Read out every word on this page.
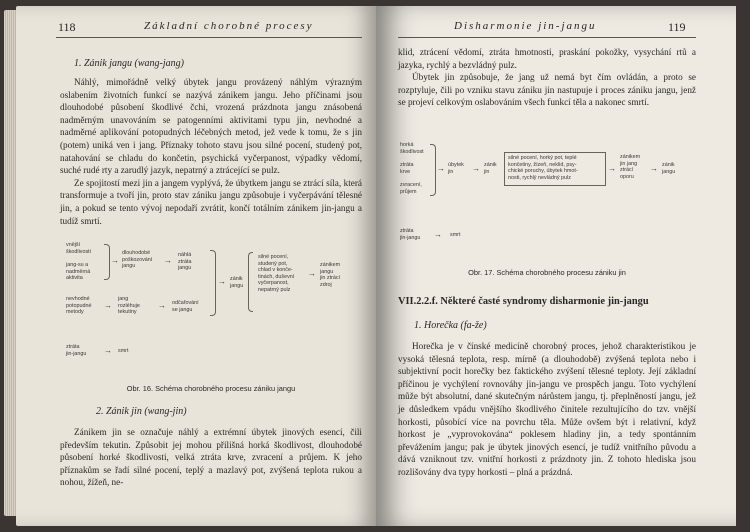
118	Základní chorobné procesy
1. Zánik jangu (wang-jang)

Náhlý, mimořádně velký úbytek jangu provázený náhlým výrazným oslabením životních funkcí se nazývá zánikem jangu. Jeho příčinami jsou dlouhodobé působení škodlivé čchi, vrozená prázdnota jangu znásobená nadměrným unavováním se patogenními aktivitami typu jin, nevhodné a nadměrné aplikování potopudných léčebných metod, jež vede k tomu, že s jin (potem) uniká ven i jang. Příznaky tohoto stavu jsou silné pocení, studený pot, natahování se chladu do končetin, psychická vyčerpanost, výpadky vědomí, suché rudé rty a zarudlý jazyk, nepatrný a ztrácející se pulz.

Ze spojitostí mezi jin a jangem vyplývá, že úbytkem jangu se ztrácí síla, která transformuje a tvoří jin, proto stav zániku jangu způsobuje i vyčerpávání tělesné jin, a pokud se tento vývoj nepodaří zvrátit, končí totálním zánikem jin-jangu a tudíž smrtí.

vnější
škodlivosti
jang-su a
nadměrná
aktivita
→
dlouhodobé
poškozování
jangu
→
náhlá
ztráta
jangu
nevhodné
potopudné
metody
→
jang
rozléhuje
tekutiny
→ odčařování
se jangu
→ zánik
jangu
silné pocení,
studený pot,
chlad v konče-
tinách, duševní
vyčerpanost,
nepatrný pulz
→
zánikem
jangu
jin ztrácí
zdroj
ztráta
jin-jangu → smrt
Obr. 16. Schéma chorobného procesu zániku jangu
2. Zánik jin (wang-jin)

Zánikem jin se označuje náhlý a extrémní úbytek jinových esencí, čili především tekutin. Způsobit jej mohou přílišná horká škodlivost, dlouhodobé působení horké škodlivosti, velká ztráta krve, zvracení a průjem. K jeho příznakům se řadí silné pocení, teplý a mazlavý pot, zvýšená teplota rukou a nohou, žížeň, ne-

Disharmonie jin-jangu	119

klid, ztrácení vědomí, ztráta hmotnosti, praskání pokožky, vysychání rtů a jazyka, rychlý a bezvládný pulz.

Úbytek jin způsobuje, že jang už nemá byt čím ovládán, a proto se rozptyluje, čili po vzniku stavu zániku jin nastupuje i proces zániku jangu, jenž se projeví celkovým oslabováním všech funkcí těla a nakonec smrtí.

horká
škodlivost
ztráta
krve
zvracení,
průjem
→ úbytek
jin	→ zánik
jin
silné pocení, horký pot, teplé
končetiny, žízeň, neklid, psy-
chické poruchy, úbytek hmot-
nosti, rychlý nevládný pulz
→
zánikem
jin jang
ztrácí
oporu
→ zánik
jangu
ztráta
jin-jangu → smrt
Obr. 17. Schéma chorobného procesu zániku jin
VII.2.2.f. Některé časté syndromy disharmonie jin-jangu
1. Horečka (fa-že)

Horečka je v čínské medicíně chorobný proces, jehož charakteristikou je vysoká tělesná teplota, resp. mírně (a dlouhodobě) zvýšená teplota nebo i subjektivní pocit horečky bez faktického zvýšení tělesné teploty. Její základní příčinou je vychýlení rovnováhy jin-jangu ve prospěch jangu. Toto vychýlení může být absolutní, dané skutečným nárůstem jangu, tj. přeplněností jangu, jež je důsledkem vpádu vnějšího škodlivého činitele rezultujícího do tzv. vnější horkosti, působící více na povrchu těla. Může ovšem být i relativní, když horkost je „vyprovokována“ poklesem hladiny jin, a tedy spontánním převážením jangu; pak je úbytek jinových esencí, je tudíž vnitřního původu a dává vzniknout tzv. vnitřní horkosti z prázdnoty jin. Z tohoto hlediska jsou rozlišovány dva typy horkosti – plná a prázdná.
